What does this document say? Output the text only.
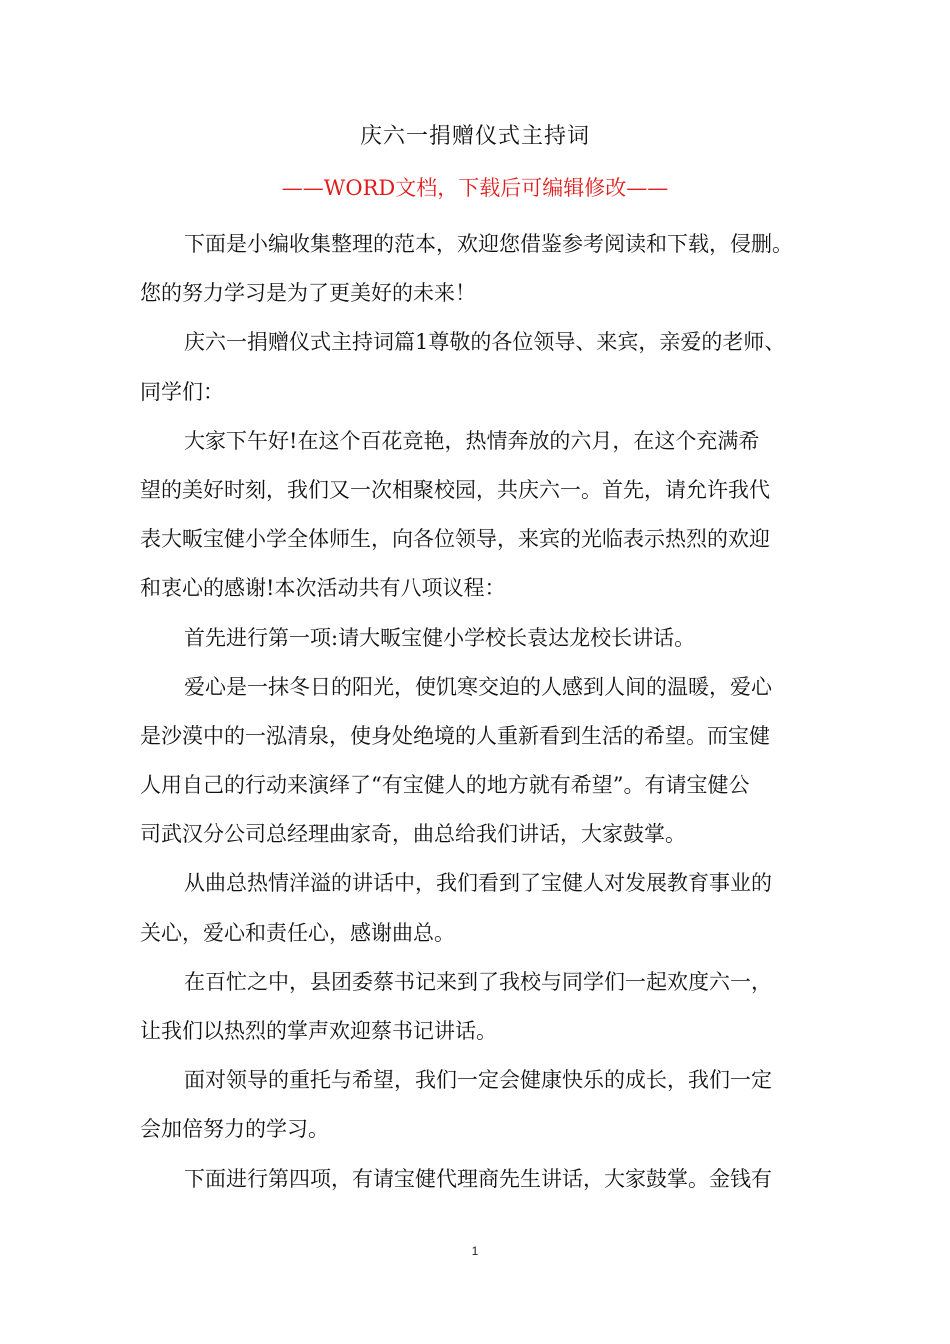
庆六一捐赠仪式主持词
——WORD文档，下载后可编辑修改——
下面是小编收集整理的范本，欢迎您借鉴参考阅读和下载，侵删。
您的努力学习是为了更美好的未来！
庆六一捐赠仪式主持词篇1尊敬的各位领导、来宾，亲爱的老师、
同学们：
大家下午好!在这个百花竞艳，热情奔放的六月，在这个充满希
望的美好时刻，我们又一次相聚校园，共庆六一。首先，请允许我代
表大畈宝健小学全体师生，向各位领导，来宾的光临表示热烈的欢迎
和衷心的感谢!本次活动共有八项议程：
首先进行第一项:请大畈宝健小学校长袁达龙校长讲话。
爱心是一抹冬日的阳光，使饥寒交迫的人感到人间的温暖，爱心
是沙漠中的一泓清泉，使身处绝境的人重新看到生活的希望。而宝健
人用自己的行动来演绎了“有宝健人的地方就有希望”。有请宝健公
司武汉分公司总经理曲家奇，曲总给我们讲话，大家鼓掌。
从曲总热情洋溢的讲话中，我们看到了宝健人对发展教育事业的
关心，爱心和责任心，感谢曲总。
在百忙之中，县团委蔡书记来到了我校与同学们一起欢度六一，
让我们以热烈的掌声欢迎蔡书记讲话。
面对领导的重托与希望，我们一定会健康快乐的成长，我们一定
会加倍努力的学习。
下面进行第四项，有请宝健代理商先生讲话，大家鼓掌。金钱有
1
